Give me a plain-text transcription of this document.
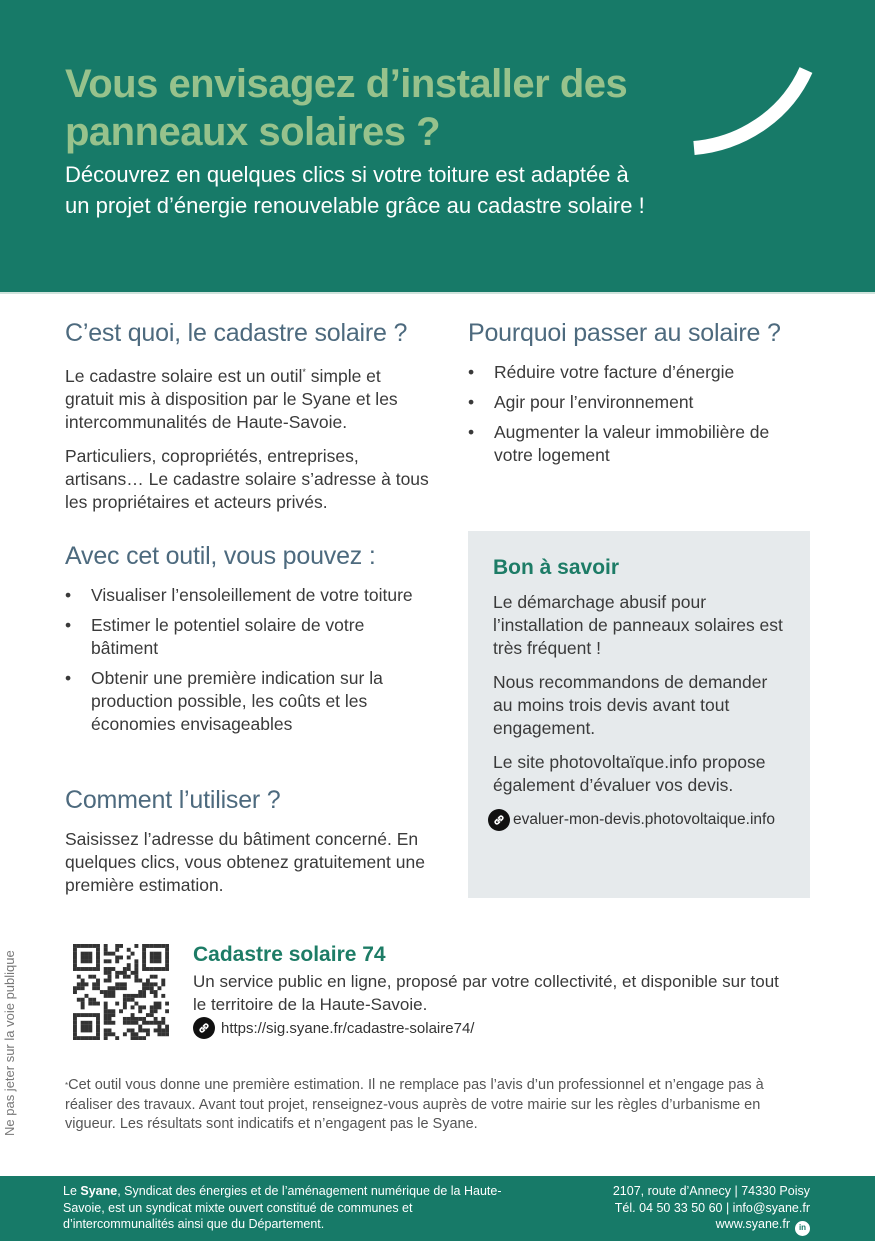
Vous envisagez d’installer des panneaux solaires ?

Découvrez en quelques clics si votre toiture est adaptée à un projet d’énergie renouvelable grâce au cadastre solaire !

C’est quoi, le cadastre solaire ?

Le cadastre solaire est un outil* simple et gratuit mis à disposition par le Syane et les intercommunalités de Haute-Savoie.

Particuliers, copropriétés, entreprises, artisans… Le cadastre solaire s’adresse à tous les propriétaires et acteurs privés.

Pourquoi passer au solaire ?
•	Réduire votre facture d’énergie
•	Agir pour l’environnement
•	Augmenter la valeur immobilière de votre logement
Avec cet outil, vous pouvez :
•	Visualiser l’ensoleillement de votre toiture
•	Estimer le potentiel solaire de votre bâtiment
•	Obtenir une première indication sur la production possible, les coûts et les économies envisageables
Comment l’utiliser ?

Saisissez l’adresse du bâtiment concerné. En quelques clics, vous obtenez gratuitement une première estimation.

Bon à savoir

Le démarchage abusif pour l’installation de panneaux solaires est très fréquent !

Nous recommandons de demander au moins trois devis avant tout engagement.

Le site photovoltaïque.info propose également d’évaluer vos devis.

evaluer-mon-devis.photovoltaique.info
Ne pas jeter sur la voie publique	Cadastre solaire 74

Un service public en ligne, proposé par votre collectivité, et disponible sur tout le territoire de la Haute-Savoie.

https://sig.syane.fr/cadastre-solaire74/

*Cet outil vous donne une première estimation. Il ne remplace pas l’avis d’un professionnel et n’engage pas à réaliser des travaux. Avant tout projet, renseignez-vous auprès de votre mairie sur les règles d’urbanisme en vigueur. Les résultats sont indicatifs et n’engagent pas le Syane.

Le Syane, Syndicat des énergies et de l’aménagement numérique de la Haute-Savoie, est un syndicat mixte ouvert constitué de communes et d’intercommunalités ainsi que du Département.

2107, route d’Annecy | 74330 Poisy
Tél. 04 50 33 50 60 | info@syane.fr
www.syane.fr in
